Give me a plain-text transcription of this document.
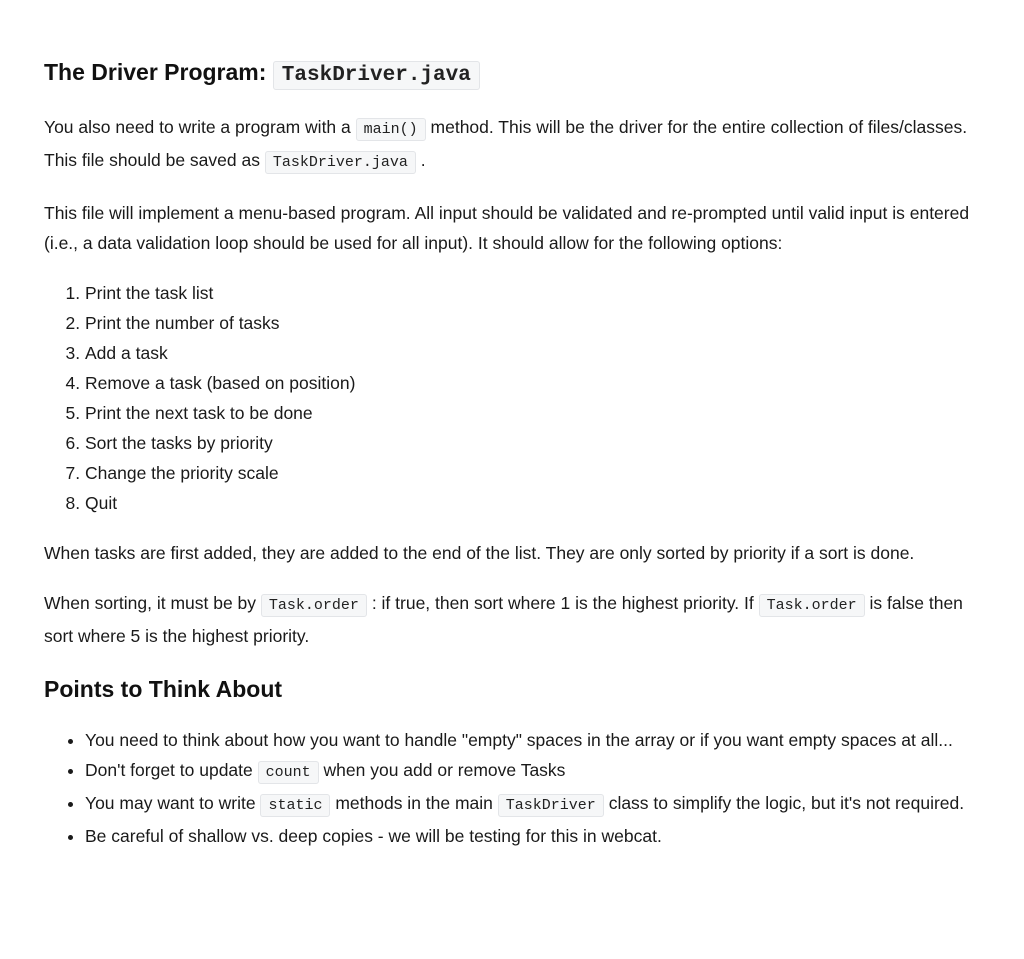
The Driver Program: TaskDriver.java

You also need to write a program with a main() method. This will be the driver for the entire collection of files/classes. This file should be saved as TaskDriver.java .

This file will implement a menu-based program. All input should be validated and re-prompted until valid input is entered (i.e., a data validation loop should be used for all input). It should allow for the following options:

1. Print the task list
2. Print the number of tasks
3. Add a task
4. Remove a task (based on position)
5. Print the next task to be done
6. Sort the tasks by priority
7. Change the priority scale
8. Quit

When tasks are first added, they are added to the end of the list. They are only sorted by priority if a sort is done.

When sorting, it must be by Task.order : if true, then sort where 1 is the highest priority. If Task.order is false then sort where 5 is the highest priority.

Points to Think About
• You need to think about how you want to handle "empty" spaces in the array or if you want empty spaces at all...
• Don't forget to update count when you add or remove Tasks
• You may want to write static methods in the main TaskDriver class to simplify the logic, but it's not required.
• Be careful of shallow vs. deep copies - we will be testing for this in webcat.
